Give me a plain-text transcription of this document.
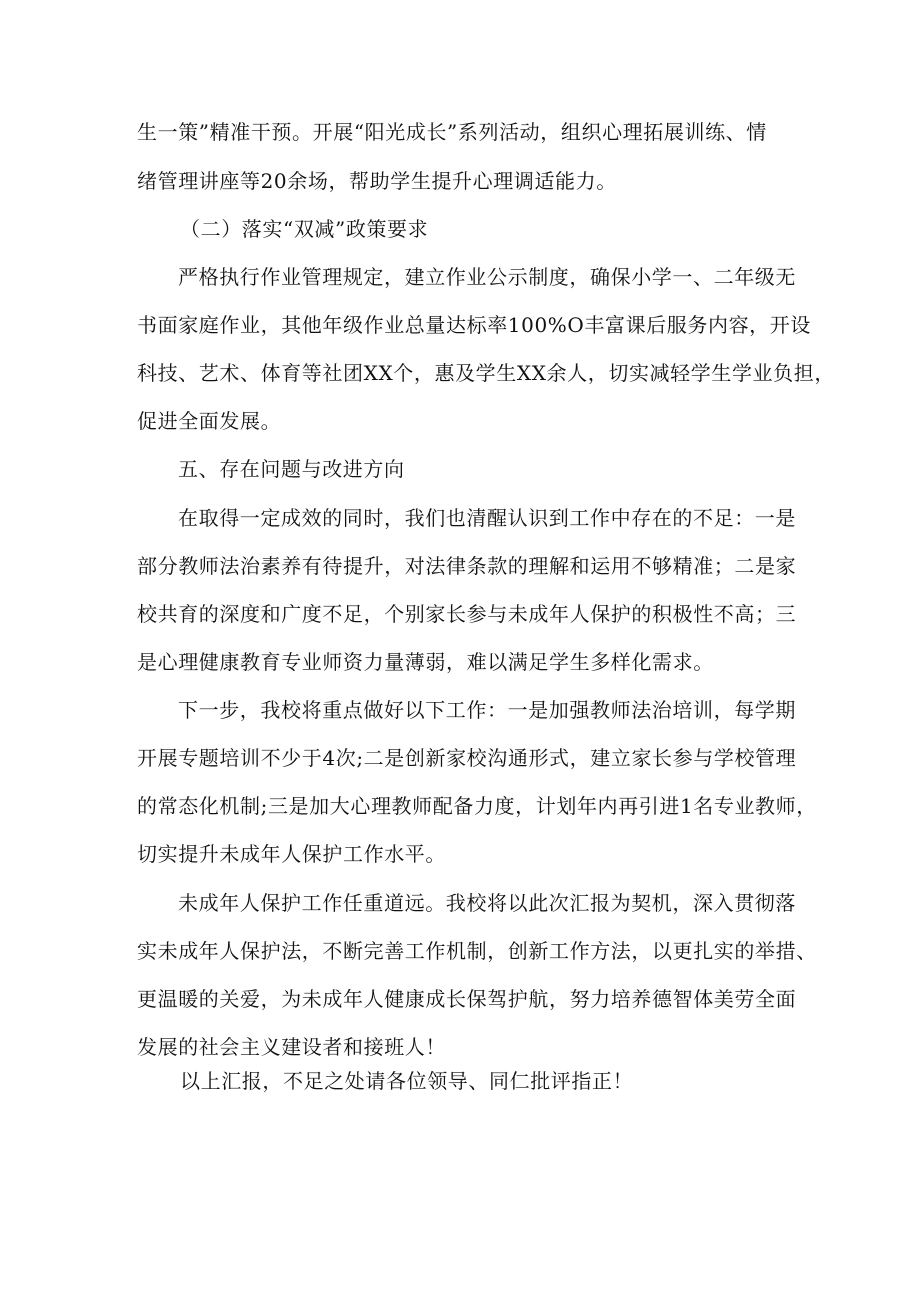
生一策”精准干预。开展“阳光成长”系列活动，组织心理拓展训练、情
绪管理讲座等20余场，帮助学生提升心理调适能力。
（二）落实“双减”政策要求
严格执行作业管理规定，建立作业公示制度，确保小学一、二年级无
书面家庭作业，其他年级作业总量达标率100%O丰富课后服务内容，开设
科技、艺术、体育等社团XX个，惠及学生XX余人，切实减轻学生学业负担，
促进全面发展。
五、存在问题与改进方向
在取得一定成效的同时，我们也清醒认识到工作中存在的不足：一是
部分教师法治素养有待提升，对法律条款的理解和运用不够精准；二是家
校共育的深度和广度不足，个别家长参与未成年人保护的积极性不高；三
是心理健康教育专业师资力量薄弱，难以满足学生多样化需求。
下一步，我校将重点做好以下工作：一是加强教师法治培训，每学期
开展专题培训不少于4次;二是创新家校沟通形式，建立家长参与学校管理
的常态化机制;三是加大心理教师配备力度，计划年内再引进1名专业教师，
切实提升未成年人保护工作水平。
未成年人保护工作任重道远。我校将以此次汇报为契机，深入贯彻落
实未成年人保护法，不断完善工作机制，创新工作方法，以更扎实的举措、
更温暖的关爱，为未成年人健康成长保驾护航，努力培养德智体美劳全面
发展的社会主义建设者和接班人！
以上汇报，不足之处请各位领导、同仁批评指正！
